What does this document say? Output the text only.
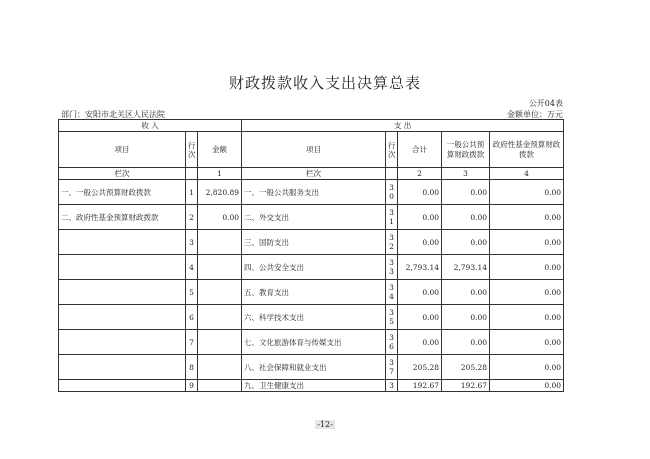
财政拨款收入支出决算总表
公开04表
部门：安阳市北关区人民法院	金额单位：万元
收 入			支 出				
项目	行次	金额	项目	行次	合计	一般公共预算财政拨款	政府性基金预算财政拨款
栏次		1	栏次		2	3	4
一、一般公共预算财政拨款	1	2,820.89	一、一般公共服务支出	30	0.00	0.00	0.00
二、政府性基金预算财政拨款	2	0.00	二、外交支出	31	0.00	0.00	0.00
	3		三、国防支出	32	0.00	0.00	0.00
	4		四、公共安全支出	33	2,793.14	2,793.14	0.00
	5		五、教育支出	34	0.00	0.00	0.00
	6		六、科学技术支出	35	0.00	0.00	0.00
	7		七、文化旅游体育与传媒支出	36	0.00	0.00	0.00
	8		八、社会保障和就业支出	37	205.28	205.28	0.00
	9		九、卫生健康支出	3	192.67	192.67	0.00
-12-
